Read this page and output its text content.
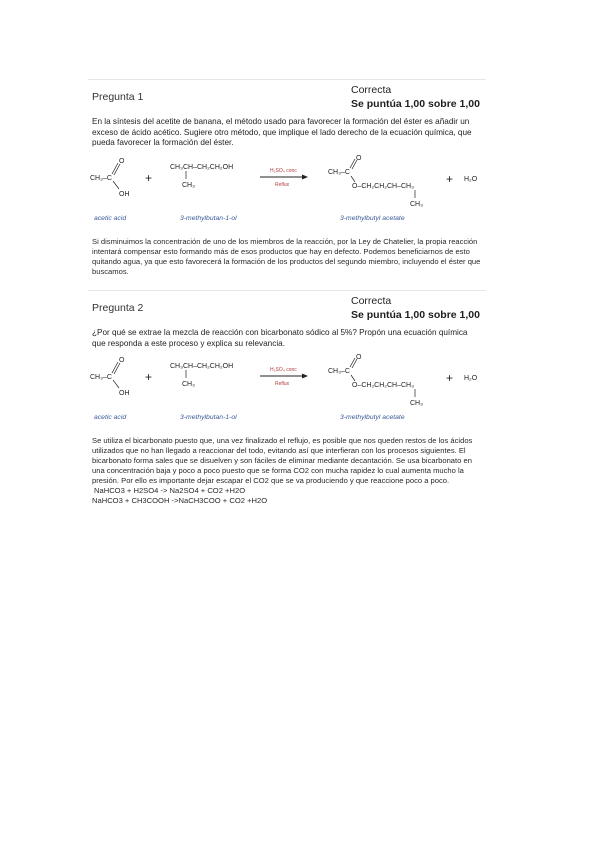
Pregunta 1
Correcta
Se puntúa 1,00 sobre 1,00
En la síntesis del acetite de banana, el método usado para favorecer la formación del éster es añadir un exceso de ácido acético. Sugiere otro método, que implique el lado derecho de la ecuación química, que pueda favorecer la formación del éster.
CH₃–C
O
OH
+
CH₃CH–CH₂CH₂OH
CH₃
H₂SO₄ conc
Reflux
CH₃–C
O
O–CH₂CH₂CH–CH₃
CH₃
+ H₂O
acetic acid	3-methylbutan-1-ol	3-methylbutyl acetate
Si disminuimos la concentración de uno de los miembros de la reacción, por la Ley de Chatelier, la propia reacción intentará compensar esto formando más de esos productos que hay en defecto. Podemos beneficiarnos de esto quitando agua, ya que esto favorecerá la formación de los productos del segundo miembro, incluyendo el éster que buscamos.
Pregunta 2
Correcta
Se puntúa 1,00 sobre 1,00
¿Por qué se extrae la mezcla de reacción con bicarbonato sódico al 5%? Propón una ecuación química que responda a este proceso y explica su relevancia.
CH₃–C
O
OH
+
CH₃CH–CH₂CH₂OH
CH₃
H₂SO₄ conc
Reflux
CH₃–C
O
O–CH₂CH₂CH–CH₃
CH₃
+ H₂O
acetic acid	3-methylbutan-1-ol	3-methylbutyl acetate
Se utiliza el bicarbonato puesto que, una vez finalizado el reflujo, es posible que nos queden restos de los ácidos utilizados que no han llegado a reaccionar del todo, evitando así que interfieran con los procesos siguientes. El bicarbonato forma sales que se disuelven y son fáciles de eliminar mediante decantación. Se usa bicarbonato en una concentración baja y poco a poco puesto que se forma CO2 con mucha rapidez lo cual aumenta mucho la presión. Por ello es importante dejar escapar el CO2 que se va produciendo y que reaccione poco a poco.
NaHCO3 + H2SO4 -> Na2SO4 + CO2 +H2O
NaHCO3 + CH3COOH ->NaCH3COO + CO2 +H2O
